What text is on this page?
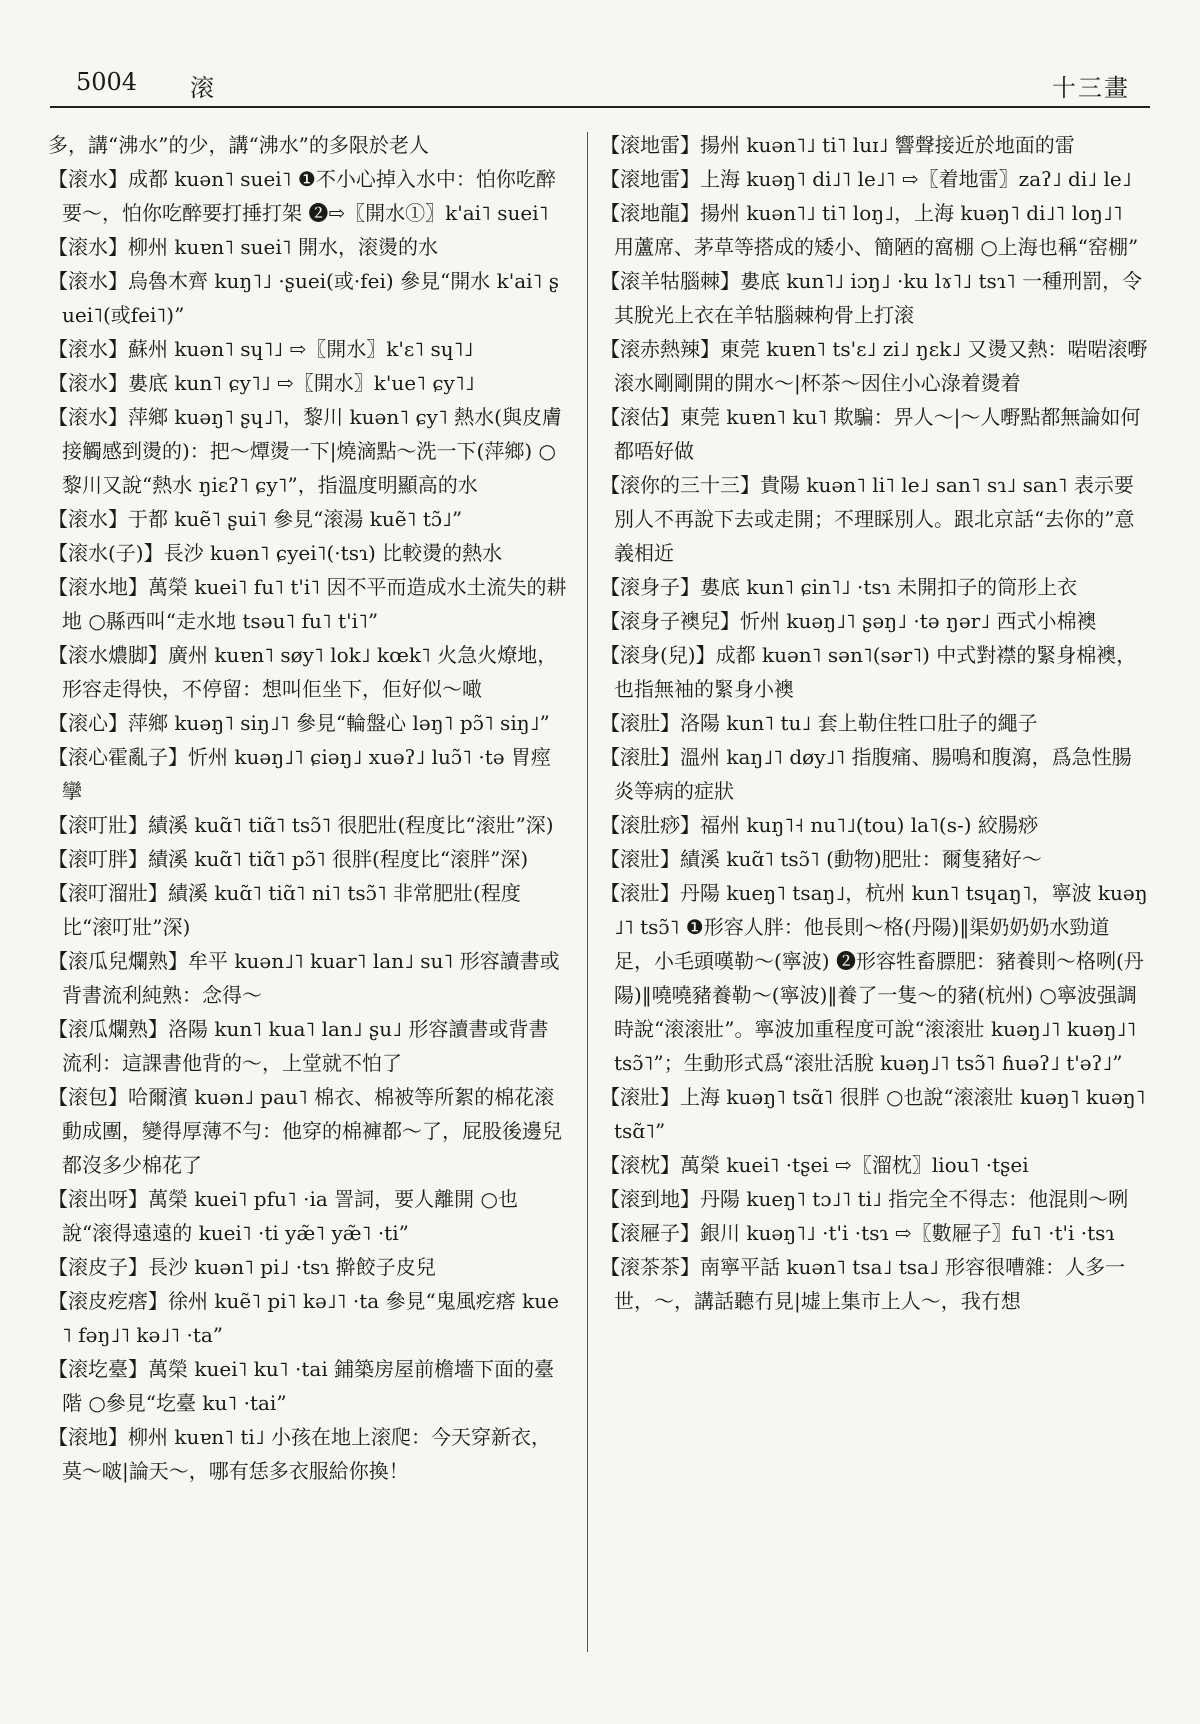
5004 滚	十三畫

多，講“沸水”的少，講“沸水”的多限於老人

【滚水】成都 kuən˥ suei˥ ❶不小心掉入水中：怕你吃醉要～，怕你吃醉要打捶打架 ❷⇨〖開水①〗k'ai˥ suei˥

【滚水】柳州 kuɐn˥ suei˥ 開水，滚燙的水

【滚水】烏魯木齊 kuŋ˥˩ ·ʂuei(或·fei) 參見“開水 k'ai˥ ʂuei˥(或fei˥)”

【滚水】蘇州 kuən˥ sɥ˥˩ ⇨〖開水〗k'ɛ˥ sɥ˥˩

【滚水】婁底 kun˥ ɕy˥˩ ⇨〖開水〗k'ue˥ ɕy˥˩

【滚水】萍鄉 kuəŋ˥ ʂɥ˩˥，黎川 kuən˥ ɕy˥ 熱水(與皮膚接觸感到燙的)：把～燂燙一下|燒滴點～洗一下(萍鄉) ○黎川又說“熱水 ŋiɛʔ˥ ɕy˥”，指溫度明顯高的水

【滚水】于都 kuẽ˥ ʂui˥ 參見“滚湯 kuẽ˥ tɔ̃˩”

【滚水(子)】長沙 kuən˥ ɕyei˥(·tsɿ) 比較燙的熱水

【滚水地】萬榮 kuei˥ fu˥ t'i˥ 因不平而造成水土流失的耕地 ○縣西叫“走水地 tsəu˥ fu˥ t'i˥”

【滚水燶脚】廣州 kuɐn˥ søy˥ lok˩ kœk˥ 火急火燎地，形容走得快，不停留：想叫佢坐下，佢好似～噉

【滚心】萍鄉 kuəŋ˥ siŋ˩˥ 參見“輪盤心 ləŋ˥ pɔ̃˥ siŋ˩”

【滚心霍亂子】忻州 kuəŋ˩˥ ɕiəŋ˩ xuəʔ˩ luɔ̃˥ ·tə 胃痙攣

【滚叮壯】績溪 kuɑ̃˥ tiɑ̃˥ tsɔ̃˥ 很肥壯(程度比“滚壯”深)

【滚叮胖】績溪 kuɑ̃˥ tiɑ̃˥ pɔ̃˥ 很胖(程度比“滚胖”深)

【滚叮溜壯】績溪 kuɑ̃˥ tiɑ̃˥ ni˥ tsɔ̃˥ 非常肥壯(程度比“滚叮壯”深)

【滚瓜兒爛熟】牟平 kuən˩˥ kuar˥ lan˩ su˥ 形容讀書或背書流利純熟：念得～

【滚瓜爛熟】洛陽 kun˥ kua˥ lan˩ ʂu˩ 形容讀書或背書流利：這課書他背的～，上堂就不怕了

【滚包】哈爾濱 kuən˩ pau˥ 棉衣、棉被等所絮的棉花滚動成團，變得厚薄不勻：他穿的棉褲都～了，屁股後邊兒都沒多少棉花了

【滚出呀】萬榮 kuei˥ pfu˥ ·ia 詈詞，要人離開 ○也說“滚得遠遠的 kuei˥ ·ti yæ̃˥ yæ̃˥ ·ti”

【滚皮子】長沙 kuən˥ pi˩ ·tsɿ 擀餃子皮兒

【滚皮疙瘩】徐州 kuẽ˥ pi˥ kə˩˥ ·ta 參見“鬼風疙瘩 kue˥ fəŋ˩˥ kə˩˥ ·ta”

【滚圪臺】萬榮 kuei˥ ku˥ ·tai 鋪築房屋前檐墻下面的臺階 ○參見“圪臺 ku˥ ·tai”

【滚地】柳州 kuɐn˥ ti˩ 小孩在地上滚爬：今天穿新衣，莫～啵|論天～，哪有恁多衣服給你換！

【滚地雷】揚州 kuən˥˩ ti˥ luɪ˩ 響聲接近於地面的雷

【滚地雷】上海 kuəŋ˥ di˩˥ le˩˥ ⇨〖着地雷〗zaʔ˩ di˩ le˩

【滚地龍】揚州 kuən˥˩ ti˥ loŋ˩，上海 kuəŋ˥ di˩˥ loŋ˩˥ 用蘆席、茅草等搭成的矮小、簡陋的窩棚 ○上海也稱“窑棚”

【滚羊牯腦棘】婁底 kun˥˩ iɔŋ˩ ·ku lɤ˥˩ tsɿ˥ 一種刑罰，令其脫光上衣在羊牯腦棘枸骨上打滚

【滚赤熱辣】東莞 kuɐn˥ ts'ɛ˩ zi˩ ŋɛk˩ 又燙又熱：啱啱滚嘢滚水剛剛開的開水～|杯茶～因住小心淥着燙着

【滚估】東莞 kuɐn˥ ku˥ 欺騙：畀人～|～人嘢點都無論如何都唔好做

【滚你的三十三】貴陽 kuən˥ li˥ le˩ san˥ sɿ˩ san˥ 表示要別人不再說下去或走開；不理睬別人。跟北京話“去你的”意義相近

【滚身子】婁底 kun˥ ɕin˥˩ ·tsɿ 未開扣子的筒形上衣

【滚身子襖兒】忻州 kuəŋ˩˥ ʂəŋ˩ ·tə ŋər˩ 西式小棉襖

【滚身(兒)】成都 kuən˥ sən˥(sər˥) 中式對襟的緊身棉襖，也指無袖的緊身小襖

【滚肚】洛陽 kun˥ tu˩ 套上勒住牲口肚子的繩子

【滚肚】溫州 kaŋ˩˥ døy˩˥ 指腹痛、腸鳴和腹瀉，爲急性腸炎等病的症狀

【滚肚痧】福州 kuŋ˥˧ nu˥˩(tou) la˥(s-) 絞腸痧

【滚壯】績溪 kuɑ̃˥ tsɔ̃˥ (動物)肥壯：爾隻豬好～

【滚壯】丹陽 kueŋ˥ tsaŋ˩，杭州 kun˥ tsɥaŋ˥，寧波 kuəŋ˩˥ tsɔ̃˥ ❶形容人胖：他長則～格(丹陽)‖渠奶奶奶水勁道足，小毛頭嘆勒～(寧波) ❷形容牲畜膘肥：豬養則～格咧(丹陽)‖嘵嘵豬養勒～(寧波)‖養了一隻～的豬(杭州) ○寧波强調時說“滚滚壯”。寧波加重程度可說“滚滚壯 kuəŋ˩˥ kuəŋ˩˥ tsɔ̃˥”；生動形式爲“滚壯活脫 kuəŋ˩˥ tsɔ̃˥ ɦuəʔ˩ t'əʔ˩”

【滚壯】上海 kuəŋ˥ tsɑ̃˥ 很胖 ○也說“滚滚壯 kuəŋ˥ kuəŋ˥ tsɑ̃˥”

【滚枕】萬榮 kuei˥ ·tʂei ⇨〖溜枕〗liou˥ ·tʂei

【滚到地】丹陽 kueŋ˥ tɔ˩˥ ti˩ 指完全不得志：他混則～咧

【滚屜子】銀川 kuəŋ˥˩ ·t'i ·tsɿ ⇨〖數屜子〗fu˥ ·t'i ·tsɿ

【滚茶茶】南寧平話 kuən˥ tsa˩ tsa˩ 形容很嘈雜：人多一世，～，講話聽冇見|墟上集市上人～，我冇想
